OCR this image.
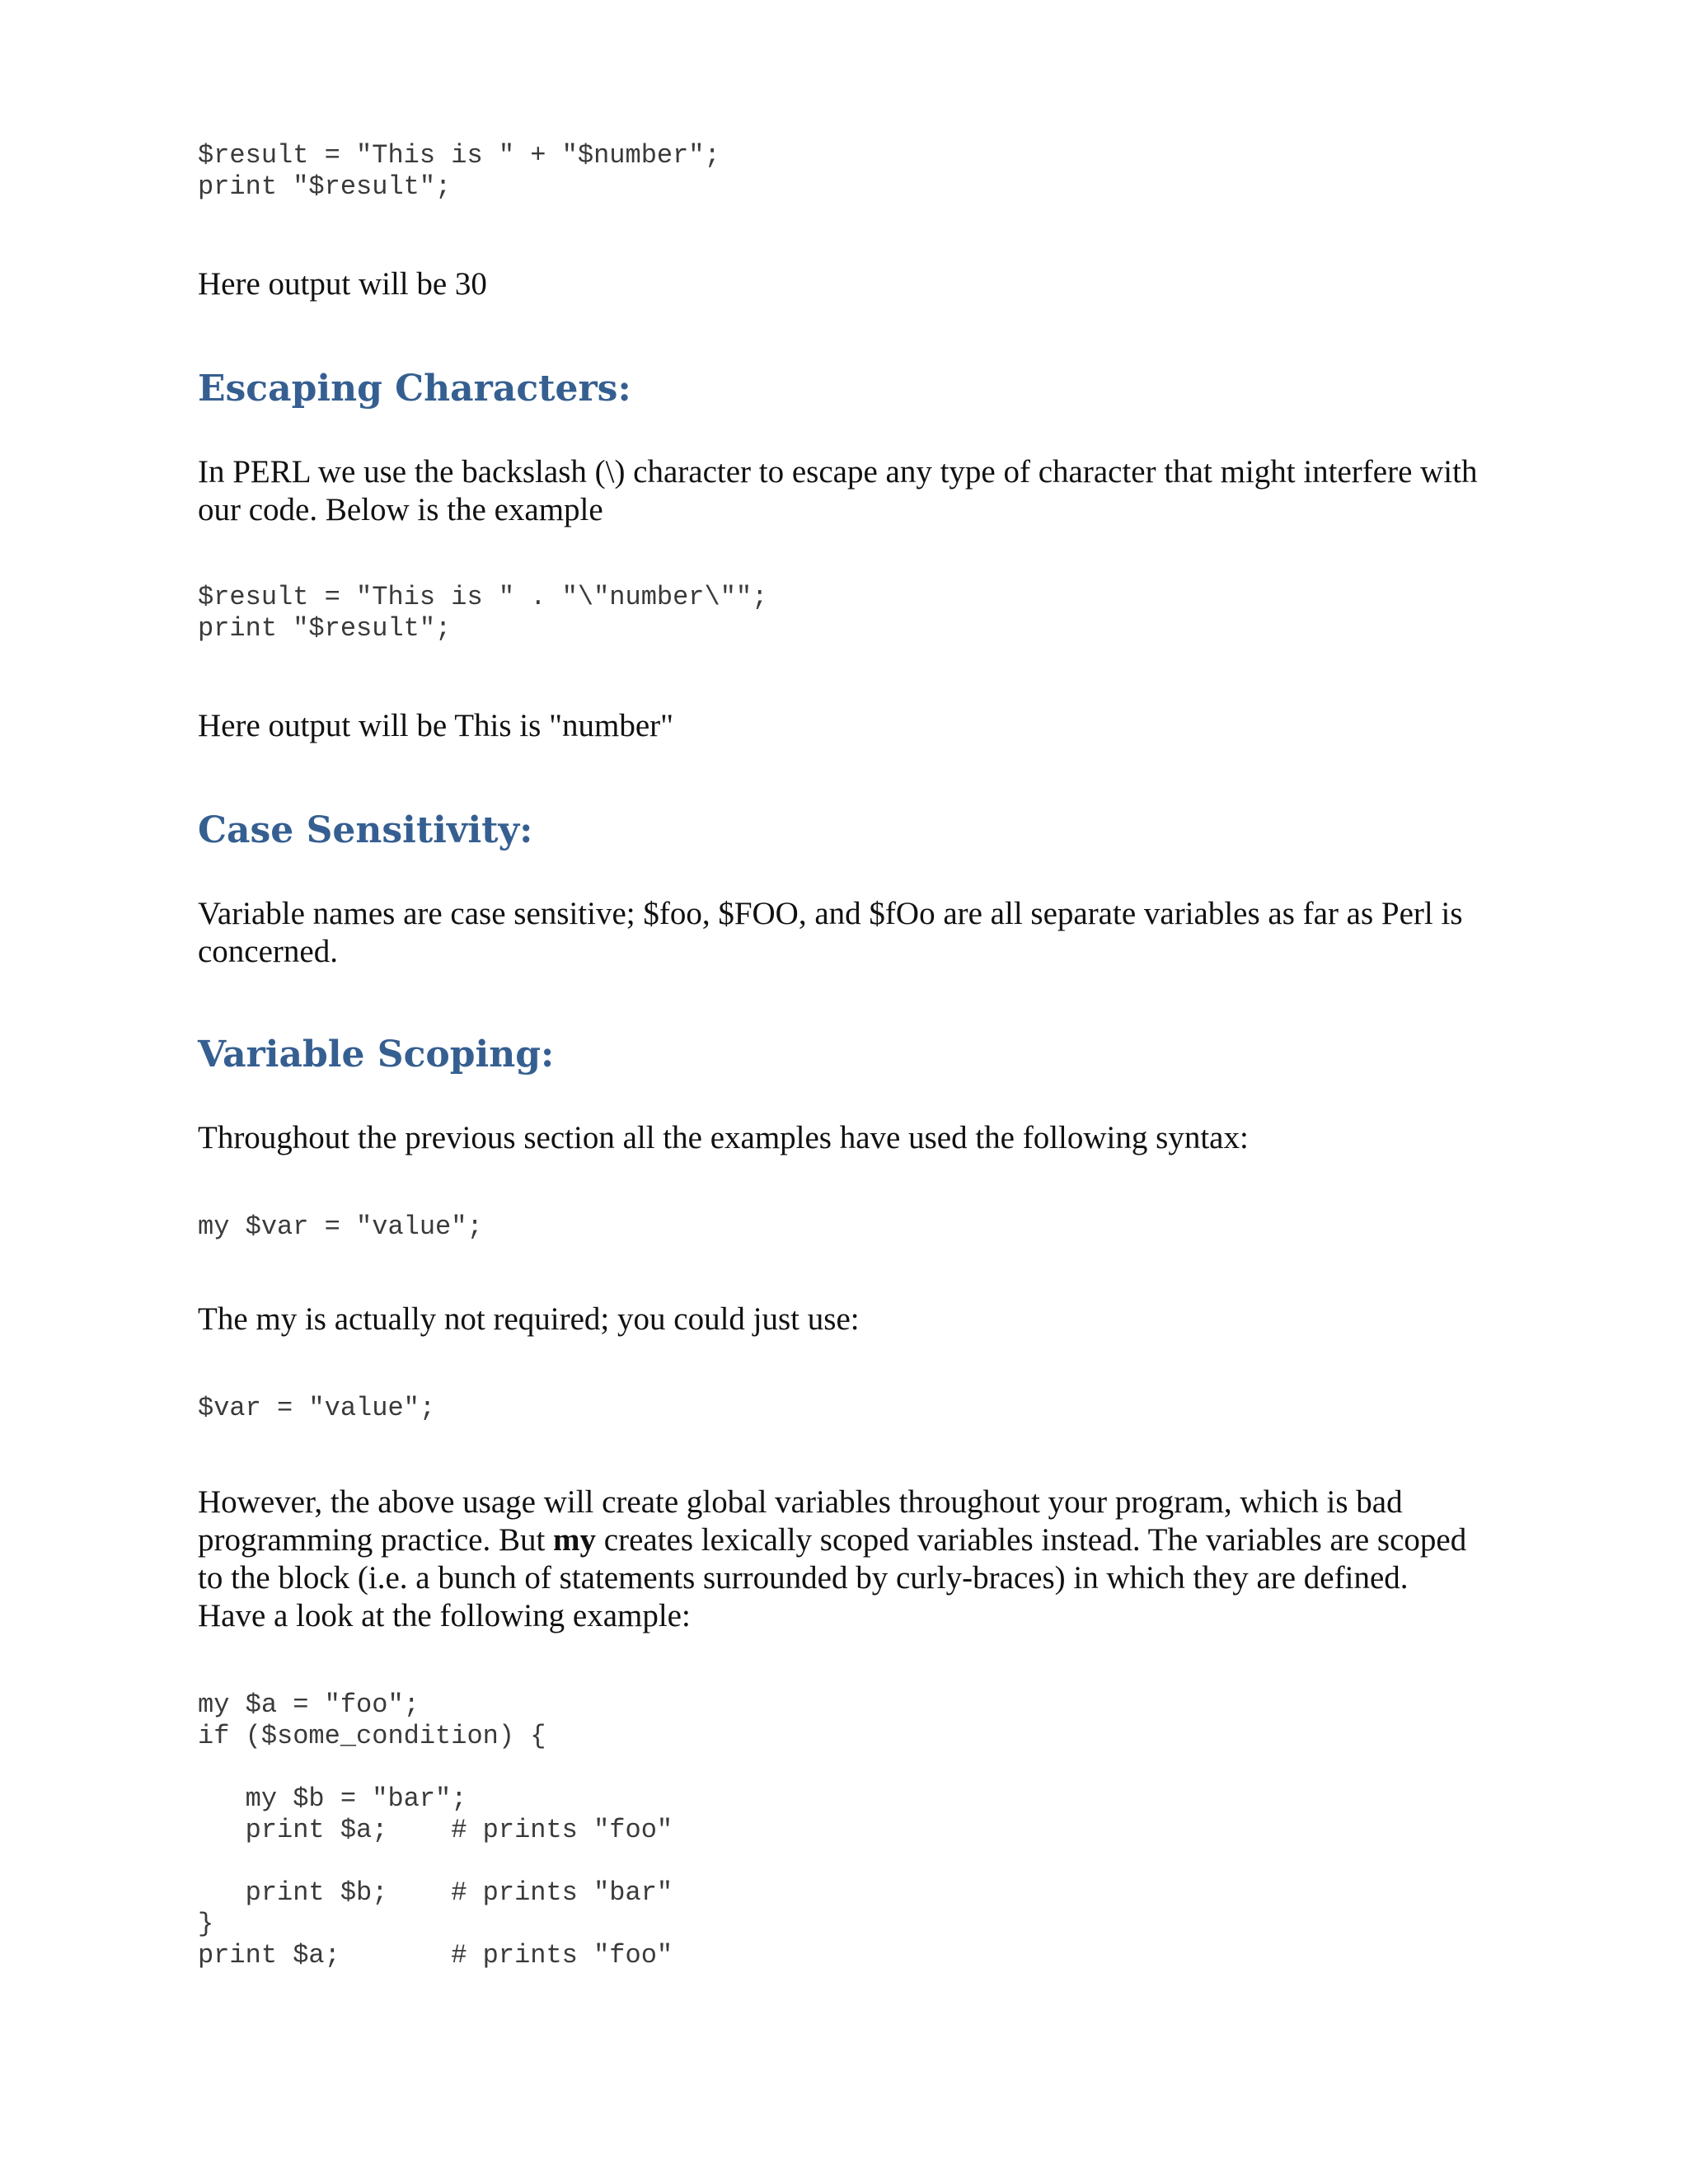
$result = "This is " + "$number";
print "$result";

Here output will be 30

Escaping Characters:

In PERL we use the backslash (\) character to escape any type of character that might interfere with our code. Below is the example

$result = "This is " . "\"number\"";
print "$result";

Here output will be This is "number"

Case Sensitivity:

Variable names are case sensitive; $foo, $FOO, and $fOo are all separate variables as far as Perl is concerned.

Variable Scoping:

Throughout the previous section all the examples have used the following syntax:

my $var = "value";

The my is actually not required; you could just use:

$var = "value";

However, the above usage will create global variables throughout your program, which is bad programming practice. But my creates lexically scoped variables instead. The variables are scoped to the block (i.e. a bunch of statements surrounded by curly-braces) in which they are defined. Have a look at the following example:

my $a = "foo";
if ($some_condition) {

my $b = "bar";
print $a;    # prints "foo"

print $b;    # prints "bar"
}
print $a;       # prints "foo"
